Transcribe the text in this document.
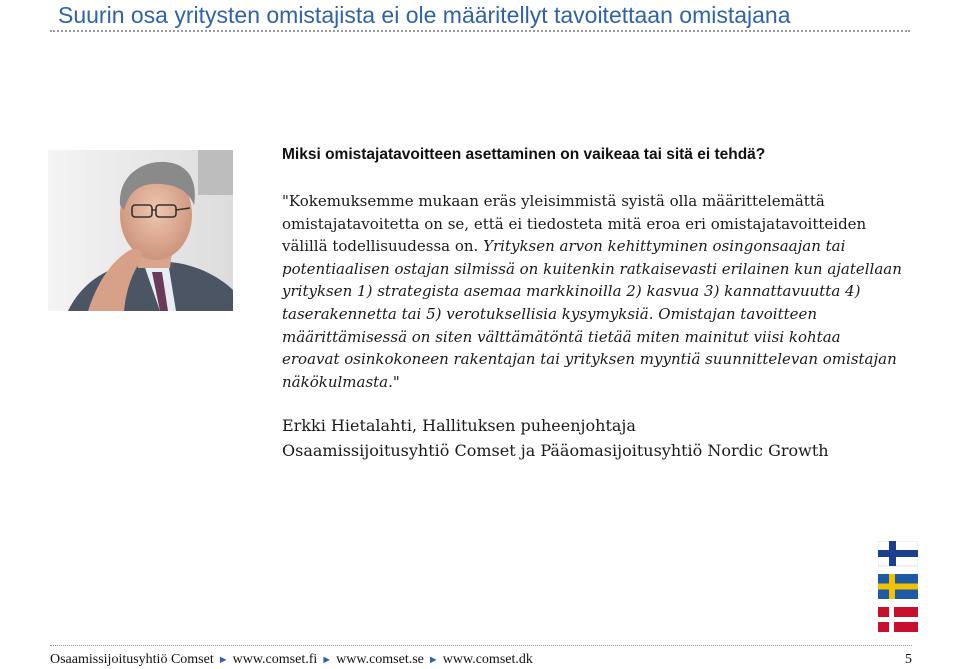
Suurin osa yritysten omistajista ei ole määritellyt tavoitettaan omistajana
Miksi omistajatavoitteen asettaminen on vaikeaa tai sitä ei tehdä?

"Kokemuksemme mukaan eräs yleisimmistä syistä olla määrittelemättä omistajatavoitetta on se, että ei tiedosteta mitä eroa eri omistajatavoitteiden välillä todellisuudessa on. Yrityksen arvon kehittyminen osingonsaajan tai potentiaalisen ostajan silmissä on kuitenkin ratkaisevasti erilainen kun ajatellaan yrityksen 1) strategista asemaa markkinoilla 2) kasvua 3) kannattavuutta 4) taserakennetta tai 5) verotuksellisia kysymyksiä. Omistajan tavoitteen määrittämisessä on siten välttämätöntä tietää miten mainitut viisi kohtaa eroavat osinkokoneen rakentajan tai yrityksen myyntiä suunnittelevan omistajan näkökulmasta."

Erkki Hietalahti, Hallituksen puheenjohtaja
Osaamissijoitusyhtiö Comset ja Pääomasijoitusyhtiö Nordic Growth
Osaamissijoitusyhtiö Comset ► www.comset.fi ► www.comset.se ► www.comset.dk	5
